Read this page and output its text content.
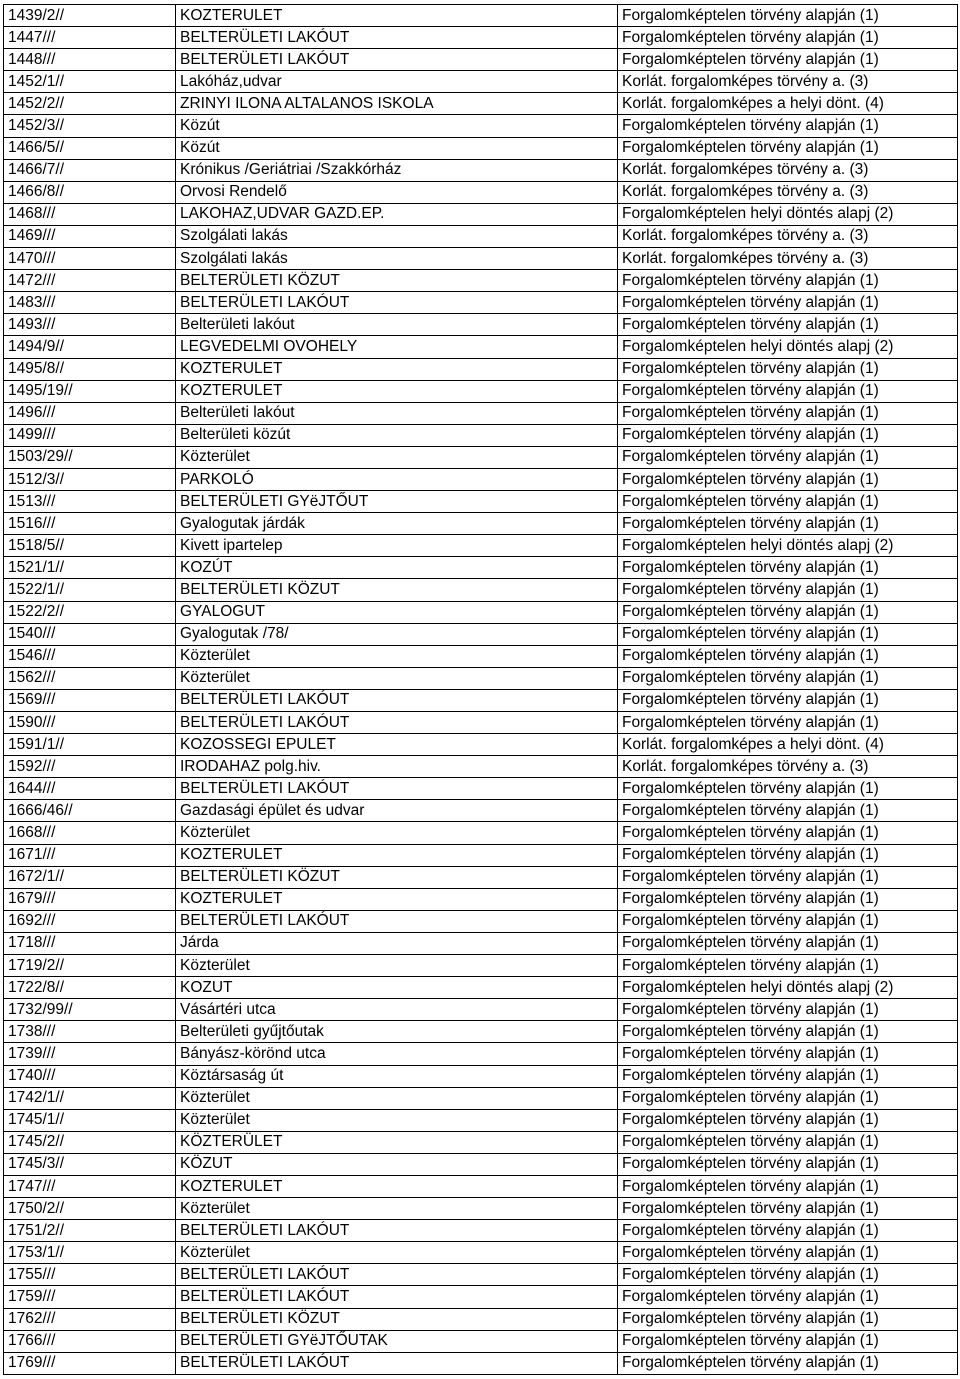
1439/2//	KOZTERULET	Forgalomképtelen törvény alapján (1)
1447///	BELTERÜLETI LAKÓUT	Forgalomképtelen törvény alapján (1)
1448///	BELTERÜLETI LAKÓUT	Forgalomképtelen törvény alapján (1)
1452/1//	Lakóház,udvar	Korlát. forgalomképes törvény a. (3)
1452/2//	ZRINYI ILONA ALTALANOS ISKOLA	Korlát. forgalomképes a helyi dönt. (4)
1452/3//	Közút	Forgalomképtelen törvény alapján (1)
1466/5//	Közút	Forgalomképtelen törvény alapján (1)
1466/7//	Krónikus /Geriátriai /Szakkórház	Korlát. forgalomképes törvény a. (3)
1466/8//	Orvosi Rendelő	Korlát. forgalomképes törvény a. (3)
1468///	LAKOHAZ,UDVAR GAZD.EP.	Forgalomképtelen helyi döntés alapj (2)
1469///	Szolgálati lakás	Korlát. forgalomképes törvény a. (3)
1470///	Szolgálati lakás	Korlát. forgalomképes törvény a. (3)
1472///	BELTERÜLETI KÖZUT	Forgalomképtelen törvény alapján (1)
1483///	BELTERÜLETI LAKÓUT	Forgalomképtelen törvény alapján (1)
1493///	Belterületi lakóut	Forgalomképtelen törvény alapján (1)
1494/9//	LEGVEDELMI OVOHELY	Forgalomképtelen helyi döntés alapj (2)
1495/8//	KOZTERULET	Forgalomképtelen törvény alapján (1)
1495/19//	KOZTERULET	Forgalomképtelen törvény alapján (1)
1496///	Belterületi lakóut	Forgalomképtelen törvény alapján (1)
1499///	Belterületi közút	Forgalomképtelen törvény alapján (1)
1503/29//	Közterület	Forgalomképtelen törvény alapján (1)
1512/3//	PARKOLÓ	Forgalomképtelen törvény alapján (1)
1513///	BELTERÜLETI GYëJTŐUT	Forgalomképtelen törvény alapján (1)
1516///	Gyalogutak járdák	Forgalomképtelen törvény alapján (1)
1518/5//	Kivett ipartelep	Forgalomképtelen helyi döntés alapj (2)
1521/1//	KOZÚT	Forgalomképtelen törvény alapján (1)
1522/1//	BELTERÜLETI KÖZUT	Forgalomképtelen törvény alapján (1)
1522/2//	GYALOGUT	Forgalomképtelen törvény alapján (1)
1540///	Gyalogutak /78/	Forgalomképtelen törvény alapján (1)
1546///	Közterület	Forgalomképtelen törvény alapján (1)
1562///	Közterület	Forgalomképtelen törvény alapján (1)
1569///	BELTERÜLETI LAKÓUT	Forgalomképtelen törvény alapján (1)
1590///	BELTERÜLETI LAKÓUT	Forgalomképtelen törvény alapján (1)
1591/1//	KOZOSSEGI EPULET	Korlát. forgalomképes a helyi dönt. (4)
1592///	IRODAHAZ polg.hiv.	Korlát. forgalomképes törvény a. (3)
1644///	BELTERÜLETI LAKÓUT	Forgalomképtelen törvény alapján (1)
1666/46//	Gazdasági épület és udvar	Forgalomképtelen törvény alapján (1)
1668///	Közterület	Forgalomképtelen törvény alapján (1)
1671///	KOZTERULET	Forgalomképtelen törvény alapján (1)
1672/1//	BELTERÜLETI KÖZUT	Forgalomképtelen törvény alapján (1)
1679///	KOZTERULET	Forgalomképtelen törvény alapján (1)
1692///	BELTERÜLETI LAKÓUT	Forgalomképtelen törvény alapján (1)
1718///	Járda	Forgalomképtelen törvény alapján (1)
1719/2//	Közterület	Forgalomképtelen törvény alapján (1)
1722/8//	KOZUT	Forgalomképtelen helyi döntés alapj (2)
1732/99//	Vásártéri utca	Forgalomképtelen törvény alapján (1)
1738///	Belterületi gyűjtőutak	Forgalomképtelen törvény alapján (1)
1739///	Bányász-körönd utca	Forgalomképtelen törvény alapján (1)
1740///	Köztársaság út	Forgalomképtelen törvény alapján (1)
1742/1//	Közterület	Forgalomképtelen törvény alapján (1)
1745/1//	Közterület	Forgalomképtelen törvény alapján (1)
1745/2//	KÖZTERÜLET	Forgalomképtelen törvény alapján (1)
1745/3//	KÖZUT	Forgalomképtelen törvény alapján (1)
1747///	KOZTERULET	Forgalomképtelen törvény alapján (1)
1750/2//	Közterület	Forgalomképtelen törvény alapján (1)
1751/2//	BELTERÜLETI LAKÓUT	Forgalomképtelen törvény alapján (1)
1753/1//	Közterület	Forgalomképtelen törvény alapján (1)
1755///	BELTERÜLETI LAKÓUT	Forgalomképtelen törvény alapján (1)
1759///	BELTERÜLETI LAKÓUT	Forgalomképtelen törvény alapján (1)
1762///	BELTERÜLETI KÖZUT	Forgalomképtelen törvény alapján (1)
1766///	BELTERÜLETI GYëJTŐUTAK	Forgalomképtelen törvény alapján (1)
1769///	BELTERÜLETI LAKÓUT	Forgalomképtelen törvény alapján (1)
